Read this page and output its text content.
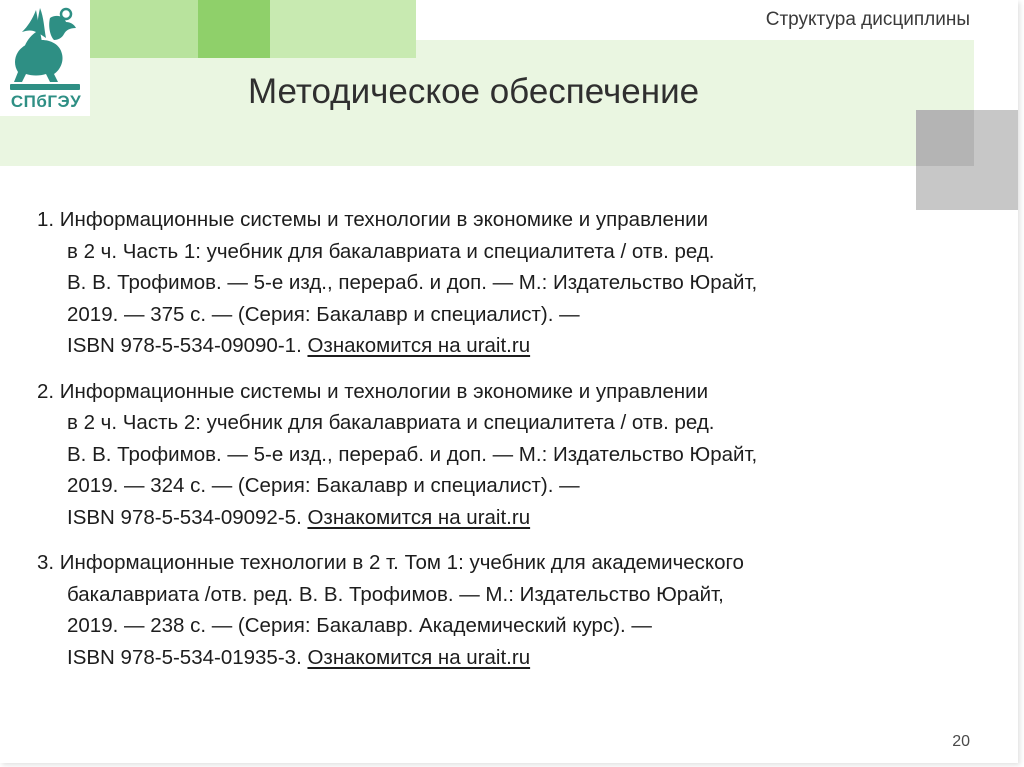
СПбГЭУ
Структура дисциплины
Методическое обеспечение
1. Информационные системы и технологии в экономике и управлении
в 2 ч. Часть 1: учебник для бакалавриата и специалитета / отв. ред.
В. В. Трофимов. — 5-е изд., перераб. и доп. — М.: Издательство Юрайт,
2019. — 375 с. — (Серия: Бакалавр и специалист). —
ISBN 978-5-534-09090-1. Ознакомится на urait.ru
2. Информационные системы и технологии в экономике и управлении
в 2 ч. Часть 2: учебник для бакалавриата и специалитета / отв. ред.
В. В. Трофимов. — 5-е изд., перераб. и доп. — М.: Издательство Юрайт,
2019. — 324 с. — (Серия: Бакалавр и специалист). —
ISBN 978-5-534-09092-5. Ознакомится на urait.ru
3. Информационные технологии в 2 т. Том 1: учебник для академического
бакалавриата /отв. ред. В. В. Трофимов. — М.: Издательство Юрайт,
2019. — 238 с. — (Серия: Бакалавр. Академический курс). —
ISBN 978-5-534-01935-3. Ознакомится на urait.ru
20
